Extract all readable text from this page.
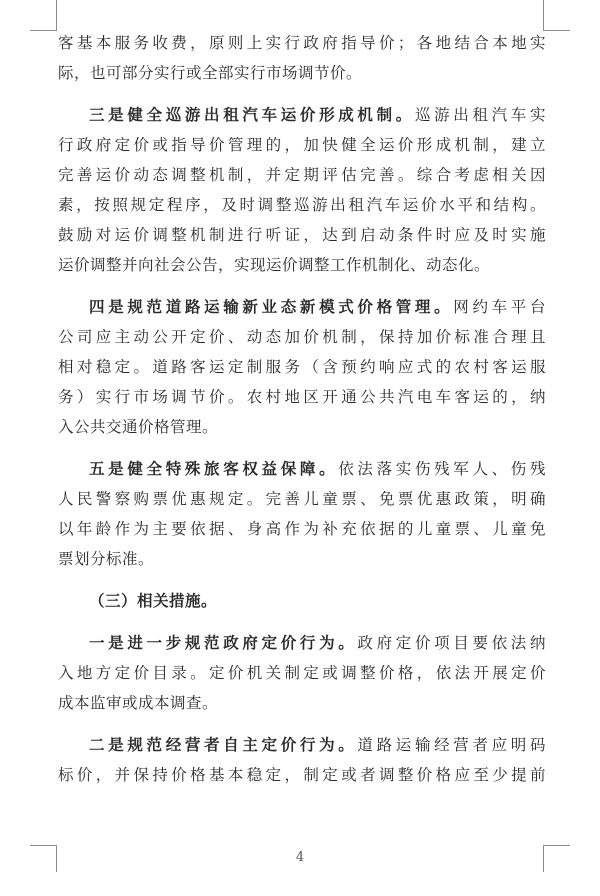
客基本服务收费，原则上实行政府指导价；各地结合本地实
际，也可部分实行或全部实行市场调节价。
三是健全巡游出租汽车运价形成机制。巡游出租汽车实
行政府定价或指导价管理的，加快健全运价形成机制，建立
完善运价动态调整机制，并定期评估完善。综合考虑相关因
素，按照规定程序，及时调整巡游出租汽车运价水平和结构。
鼓励对运价调整机制进行听证，达到启动条件时应及时实施
运价调整并向社会公告，实现运价调整工作机制化、动态化。
四是规范道路运输新业态新模式价格管理。网约车平台
公司应主动公开定价、动态加价机制，保持加价标准合理且
相对稳定。道路客运定制服务（含预约响应式的农村客运服
务）实行市场调节价。农村地区开通公共汽电车客运的，纳
入公共交通价格管理。
五是健全特殊旅客权益保障。依法落实伤残军人、伤残
人民警察购票优惠规定。完善儿童票、免票优惠政策，明确
以年龄作为主要依据、身高作为补充依据的儿童票、儿童免
票划分标准。
（三）相关措施。
一是进一步规范政府定价行为。政府定价项目要依法纳
入地方定价目录。定价机关制定或调整价格，依法开展定价
成本监审或成本调查。
二是规范经营者自主定价行为。道路运输经营者应明码
标价，并保持价格基本稳定，制定或者调整价格应至少提前
4
